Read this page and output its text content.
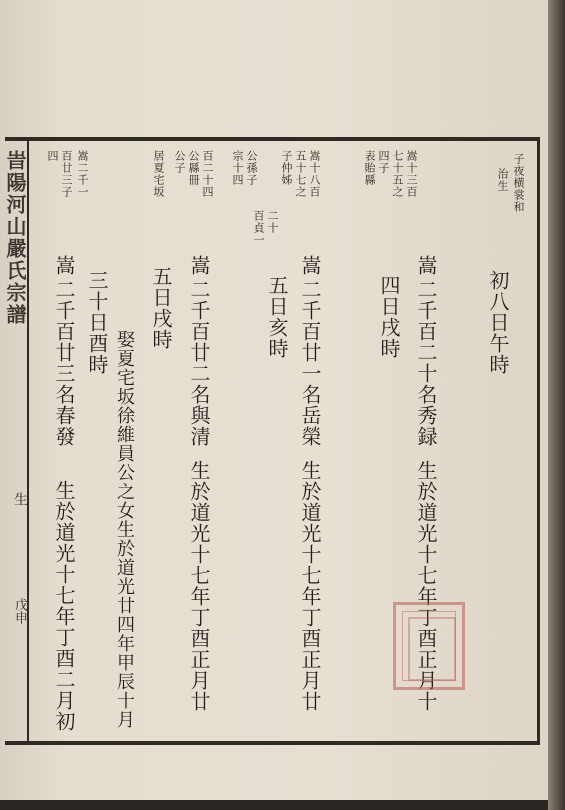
旹陽河山嚴氏宗譜
生
戊申
子夜横裳和
治生
嵩十三百
七十五之
四子
表貽縣
嵩十八百
五十七之
子仲姊
二十
百貞一
公孫子
宗十四
百二十四
公縣冊
公子
居夏宅坂
嵩二千一
百廿三子
四
初八日午時
嵩
二千百二十名秀録
生於道光十七年丁酉正月十
四日戌時
嵩
二千百廿一名岳榮
生於道光十七年丁酉正月廿
五日亥時
嵩
二千百廿二名與清
生於道光十七年丁酉正月廿
五日戌時
娶夏宅坂徐維員公之女生於道光廿四年甲辰十月
嵩
二千百廿三名春發
生於道光十七年丁酉二月初
三十日酉時
